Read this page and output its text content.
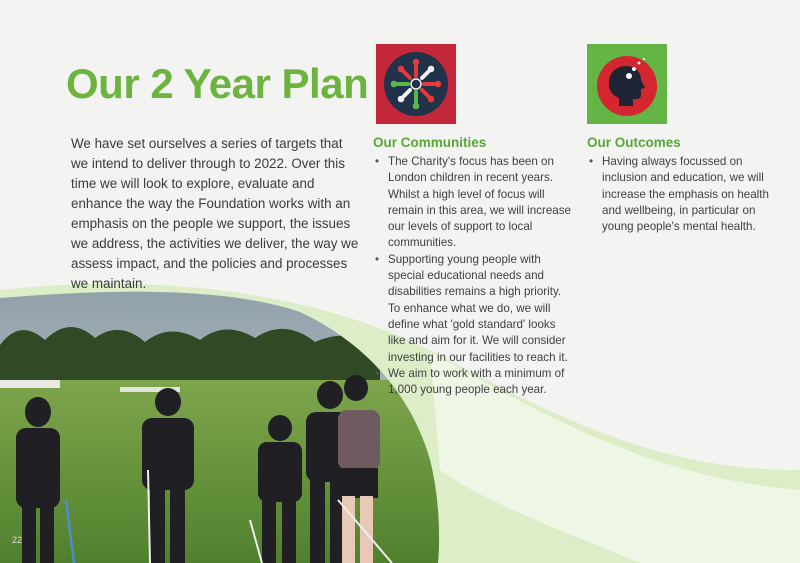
Our 2 Year Plan

We have set ourselves a series of targets that we intend to deliver through to 2022. Over this time we will look to explore, evaluate and enhance the way the Foundation works with an emphasis on the people we support, the issues we address, the activities we deliver, the way we assess impact, and the policies and processes we maintain.

Our Communities
• The Charity's focus has been on London children in recent years. Whilst a high level of focus will remain in this area, we will increase our levels of support to local communities.
• Supporting young people with special educational needs and disabilities remains a high priority. To enhance what we do, we will define what 'gold standard' looks like and aim for it. We will consider investing in our facilities to reach it.
• We aim to work with a minimum of 1,000 young people each year.
Our Outcomes
• Having always focussed on inclusion and education, we will increase the emphasis on health and wellbeing, in particular on young people's mental health.
22
